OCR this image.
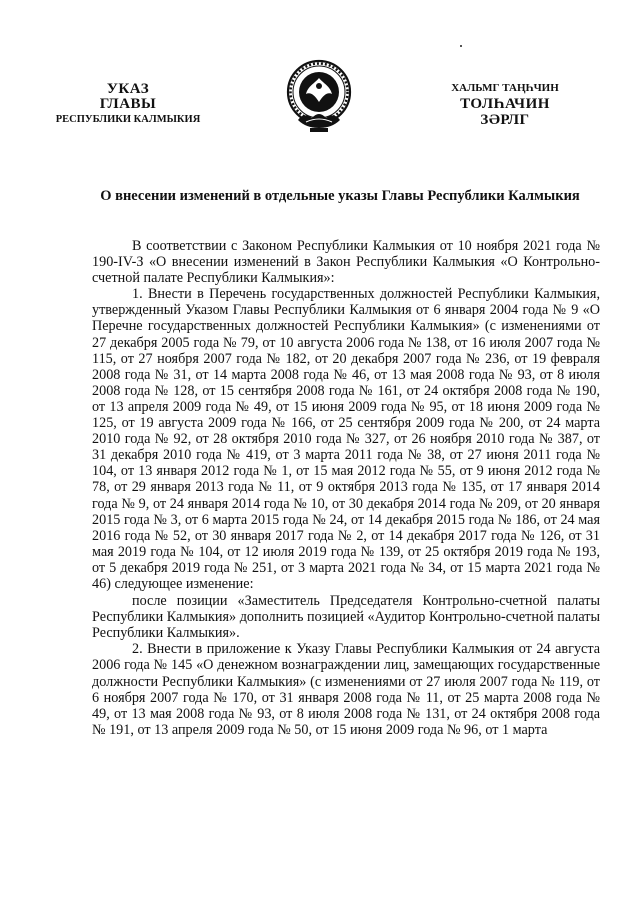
УКАЗ
ГЛАВЫ
РЕСПУБЛИКИ КАЛМЫКИЯ
ХАЛЬМГ ТАҢҺЧИН
ТОЛҺАЧИН
ЗӘРЛГ
О внесении изменений в отдельные указы Главы Республики Калмыкия

В соответствии с Законом Республики Калмыкия от 10 ноября 2021 года № 190-IV-З «О внесении изменений в Закон Республики Калмыкия «О Контрольно-счетной палате Республики Калмыкия»:

1. Внести в Перечень государственных должностей Республики Калмыкия, утвержденный Указом Главы Республики Калмыкия от 6 января 2004 года № 9 «О Перечне государственных должностей Республики Калмыкия» (с изменениями от 27 декабря 2005 года № 79, от 10 августа 2006 года № 138, от 16 июля 2007 года № 115, от 27 ноября 2007 года № 182, от 20 декабря 2007 года № 236, от 19 февраля 2008 года № 31, от 14 марта 2008 года № 46, от 13 мая 2008 года № 93, от 8 июля 2008 года № 128, от 15 сентября 2008 года № 161, от 24 октября 2008 года № 190, от 13 апреля 2009 года № 49, от 15 июня 2009 года № 95, от 18 июня 2009 года № 125, от 19 августа 2009 года № 166, от 25 сентября 2009 года № 200, от 24 марта 2010 года № 92, от 28 октября 2010 года № 327, от 26 ноября 2010 года № 387, от 31 декабря 2010 года № 419, от 3 марта 2011 года № 38, от 27 июня 2011 года № 104, от 13 января 2012 года № 1, от 15 мая 2012 года № 55, от 9 июня 2012 года № 78, от 29 января 2013 года № 11, от 9 октября 2013 года № 135, от 17 января 2014 года № 9, от 24 января 2014 года № 10, от 30 декабря 2014 года № 209, от 20 января 2015 года № 3, от 6 марта 2015 года № 24, от 14 декабря 2015 года № 186, от 24 мая 2016 года № 52, от 30 января 2017 года № 2, от 14 декабря 2017 года № 126, от 31 мая 2019 года № 104, от 12 июля 2019 года № 139, от 25 октября 2019 года № 193, от 5 декабря 2019 года № 251, от 3 марта 2021 года № 34, от 15 марта 2021 года № 46) следующее изменение:

после позиции «Заместитель Председателя Контрольно-счетной палаты Республики Калмыкия» дополнить позицией «Аудитор Контрольно-счетной палаты Республики Калмыкия».

2. Внести в приложение к Указу Главы Республики Калмыкия от 24 августа 2006 года № 145 «О денежном вознаграждении лиц, замещающих государственные должности Республики Калмыкия» (с изменениями от 27 июля 2007 года № 119, от 6 ноября 2007 года № 170, от 31 января 2008 года № 11, от 25 марта 2008 года № 49, от 13 мая 2008 года № 93, от 8 июля 2008 года № 131, от 24 октября 2008 года № 191, от 13 апреля 2009 года № 50, от 15 июня 2009 года № 96, от 1 марта
